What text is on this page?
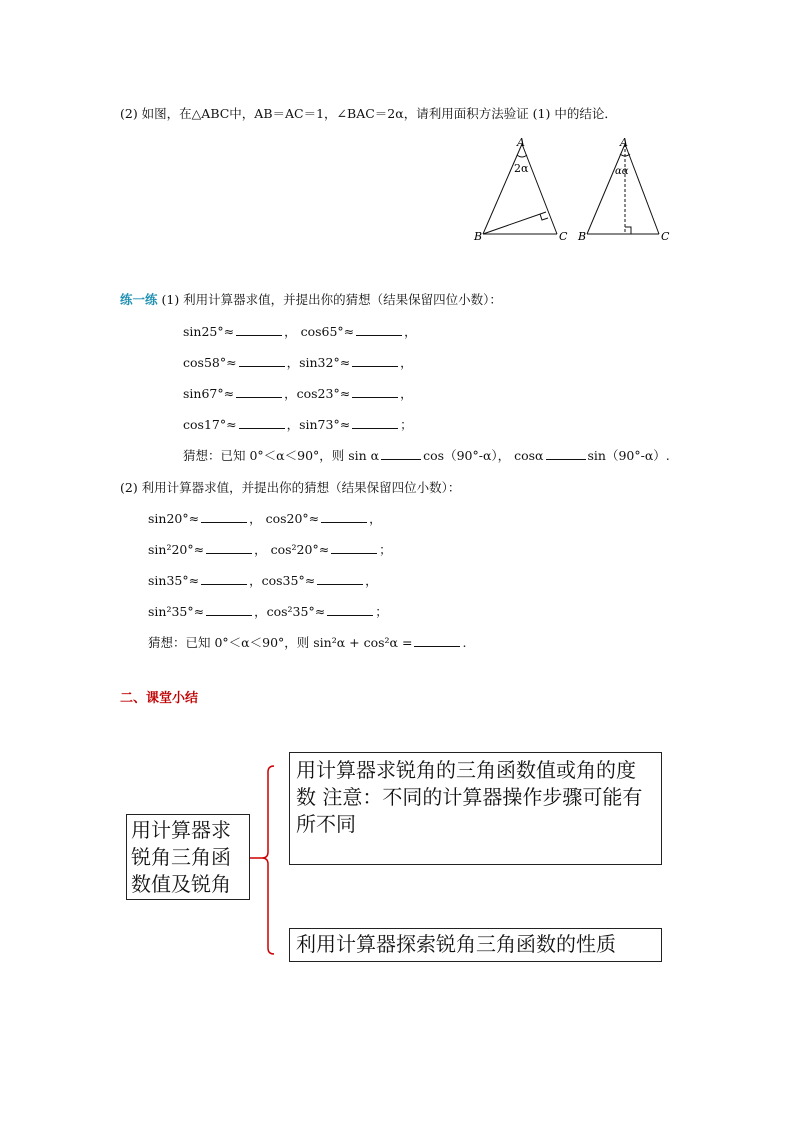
(2) 如图，在△ABC中，AB＝AC＝1，∠BAC＝2α，请利用面积方法验证 (1) 中的结论．
A
B	C
2α
A
B	C
αα
练一练 (1) 利用计算器求值，并提出你的猜想（结果保留四位小数）：
sin25°≈	， cos65°≈	，
cos58°≈	，sin32°≈	，
sin67°≈	，cos23°≈	，
cos17°≈	，sin73°≈	；
猜想：已知 0°＜α＜90°，则 sin α	cos（90°-α）， cosα	sin（90°-α）.
(2) 利用计算器求值，并提出你的猜想（结果保留四位小数）：
sin20°≈	， cos20°≈	，
sin²20°≈	， cos²20°≈	；
sin35°≈	，cos35°≈	，
sin²35°≈	，cos²35°≈	；
猜想：已知 0°＜α＜90°，则 sin²α + cos²α =	.
二、课堂小结
用计算器求锐角三角函数值及锐角
用计算器求锐角的三角函数值或角的度数 注意：不同的计算器操作步骤可能有所不同
利用计算器探索锐角三角函数的性质
